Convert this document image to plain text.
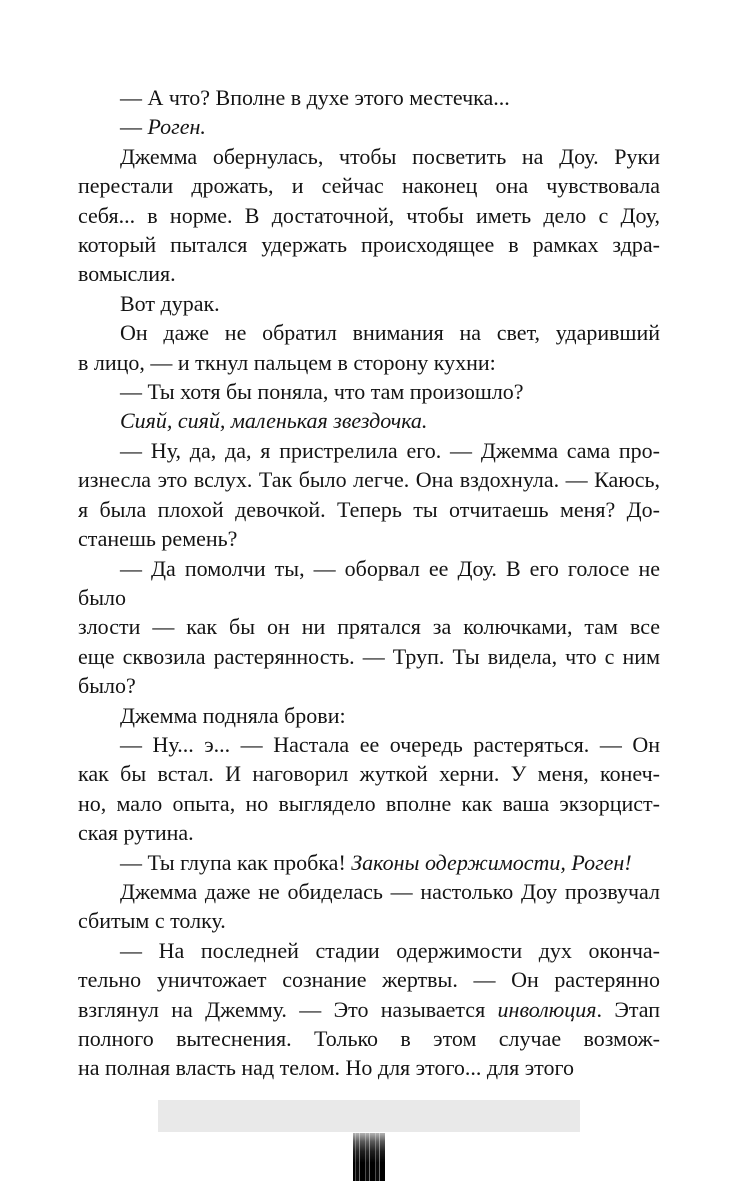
— А что? Вполне в духе этого местечка...

— Роген.

Джемма обернулась, чтобы посветить на Доу. Руки
перестали дрожать, и сейчас наконец она чувствовала
себя... в норме. В достаточной, чтобы иметь дело с Доу,
который пытался удержать происходящее в рамках здра-
вомыслия.

Вот дурак.

Он даже не обратил внимания на свет, ударивший
в лицо, — и ткнул пальцем в сторону кухни:

— Ты хотя бы поняла, что там произошло?

Сияй, сияй, маленькая звездочка.

— Ну, да, да, я пристрелила его. — Джемма сама про-
изнесла это вслух. Так было легче. Она вздохнула. — Каюсь,
я была плохой девочкой. Теперь ты отчитаешь меня? До-
станешь ремень?

— Да помолчи ты, — оборвал ее Доу. В его голосе не было
злости — как бы он ни прятался за колючками, там все
еще сквозила растерянность. — Труп. Ты видела, что с ним
было?

Джемма подняла брови:

— Ну... э... — Настала ее очередь растеряться. — Он
как бы встал. И наговорил жуткой херни. У меня, конеч-
но, мало опыта, но выглядело вполне как ваша экзорцист-
ская рутина.

— Ты глупа как пробка! Законы одержимости, Роген!

Джемма даже не обиделась — настолько Доу прозвучал
сбитым с толку.

— На последней стадии одержимости дух оконча-
тельно уничтожает сознание жертвы. — Он растерянно
взглянул на Джемму. — Это называется инволюция. Этап
полного вытеснения. Только в этом случае возмож-
на полная власть над телом. Но для этого... для этого
